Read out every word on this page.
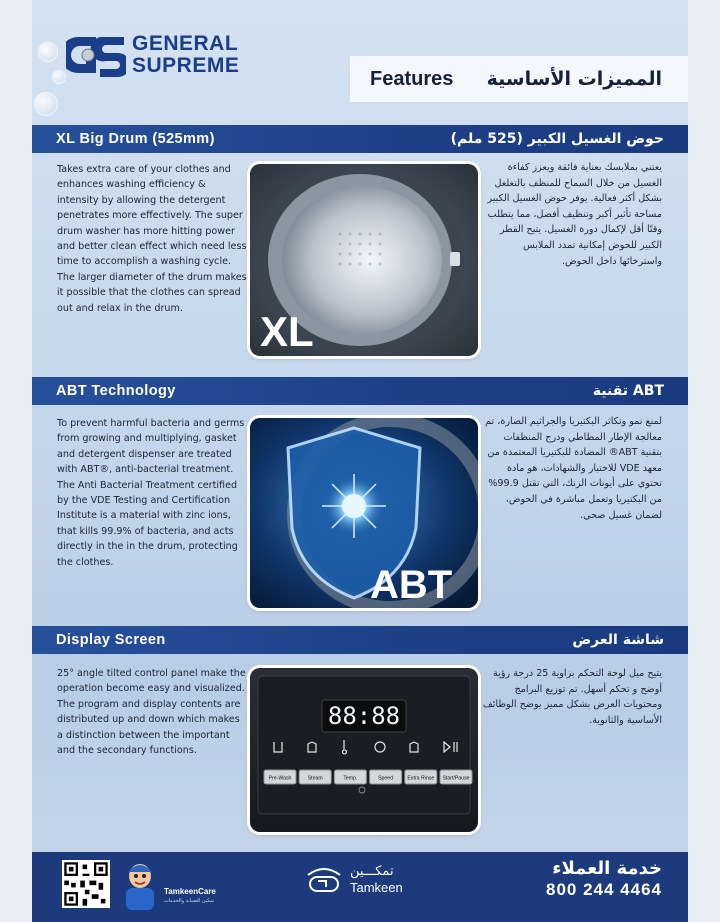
GENERAL
SUPREME
Features المميزات الأساسية
XL Big Drum (525mm)	حوض الغسيل الكبير (525 ملم)
Takes extra care of your clothes and enhances washing efficiency & intensity by allowing the detergent penetrates more effectively. The super drum washer has more hitting power and better clean effect which need less time to accomplish a washing cycle. The larger diameter of the drum makes it possible that the clothes can spread out and relax in the drum.
يعتني بملابسك بعناية فائقة ويعزز كفاءة الغسيل من خلال السماح للمنظف بالتغلغل بشكل أكثر فعالية. يوفر حوض الغسيل الكبير مساحة تأثير أكبر وتنظيف أفضل، مما يتطلب وقتًا أقل لإكمال دورة الغسيل. يتيح القطر الكبير للحوض إمكانية تمدد الملابس واسترخائها داخل الحوض.
XL
ABT Technology	تقنية ABT
To prevent harmful bacteria and germs from growing and multiplying, gasket and detergent dispenser are treated with ABT®, anti-bacterial treatment. The Anti Bacterial Treatment certified by the VDE Testing and Certification Institute is a material with zinc ions, that kills 99.9% of bacteria, and acts directly in the in the drum, protecting the clothes.
لمنع نمو وتكاثر البكتيريا والجراثيم الضارة، تم معالجة الإطار المطاطي ودرج المنظفات بتقنية ABT® المضادة للبكتيريا المعتمدة من معهد VDE للاختبار والشهادات، هو مادة تحتوي على أيونات الزنك، التي تقتل 99.9% من البكتيريا وتعمل مباشرة في الحوض، لضمان غسيل صحي.
ABT
Display Screen	شاشة العرض
25° angle tilted control panel make the operation become easy and visualized. The program and display contents are distributed up and down which makes a distinction between the important and the secondary functions.
يتيح ميل لوحة التحكم بزاوية 25 درجة رؤية أوضح و تحكم أسهل. تم توزيع البرامج ومحتويات العرض بشكل مميز يوضح الوظائف الأساسية والثانوية.
88:88
Pre-Wash	Steam	Temp.	Speed	Extra Rinse Start/Pause
TamkeenCare
تمكين للصيانة والخدمات
تمكـــين
Tamkeen
خدمة العملاء
800 244 4464
